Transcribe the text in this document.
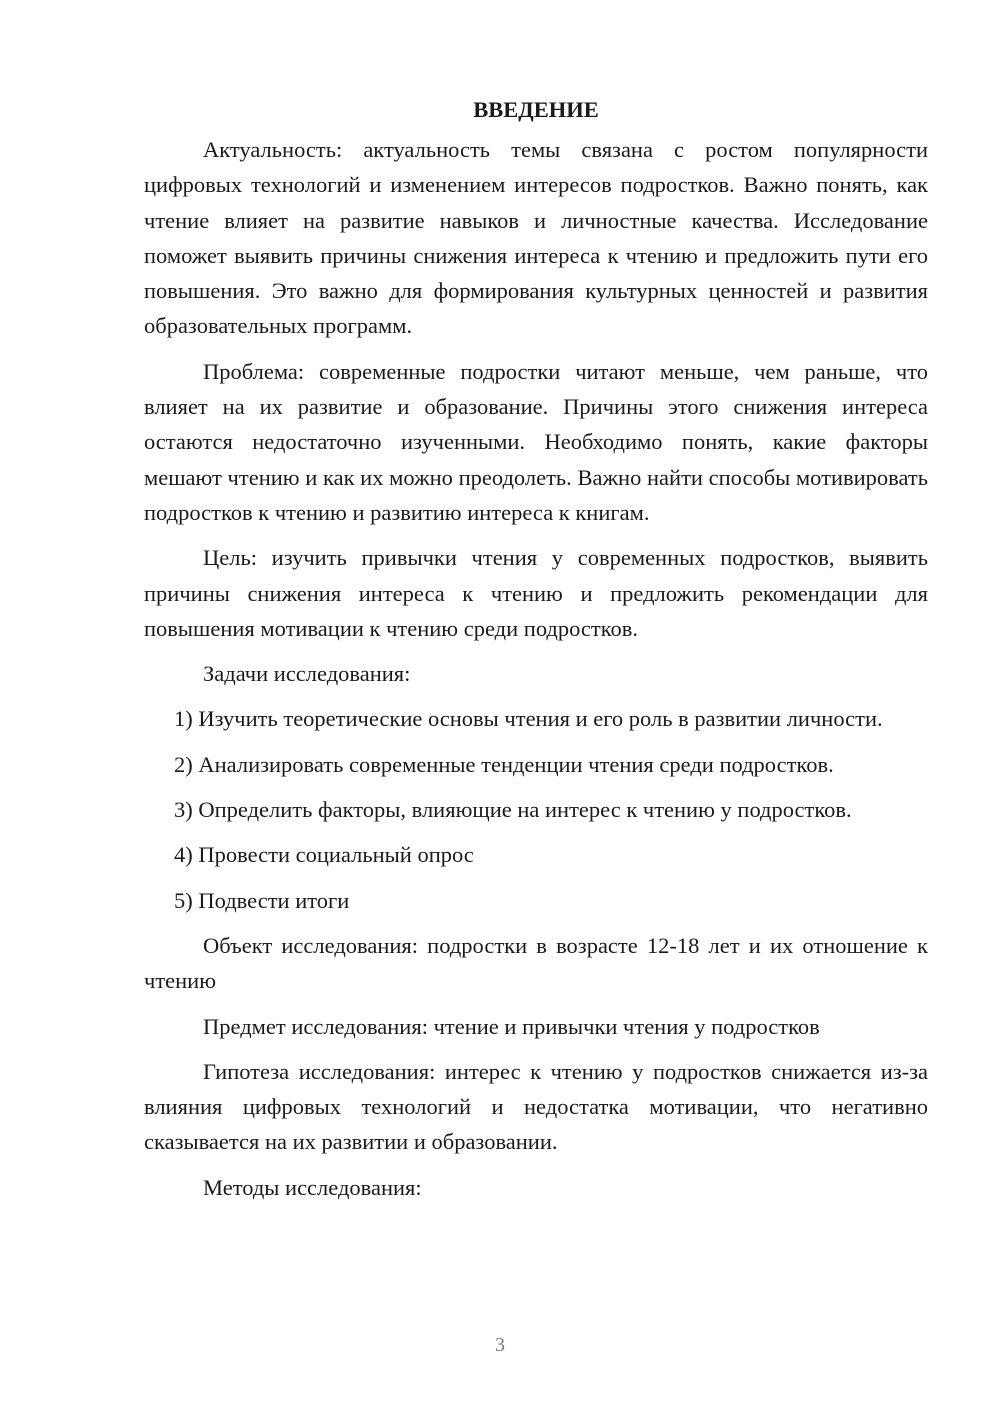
ВВЕДЕНИЕ

Актуальность: актуальность темы связана с ростом популярности цифровых технологий и изменением интересов подростков. Важно понять, как чтение влияет на развитие навыков и личностные качества. Исследование поможет выявить причины снижения интереса к чтению и предложить пути его повышения. Это важно для формирования культурных ценностей и развития образовательных программ.

Проблема: современные подростки читают меньше, чем раньше, что влияет на их развитие и образование. Причины этого снижения интереса остаются недостаточно изученными. Необходимо понять, какие факторы мешают чтению и как их можно преодолеть. Важно найти способы мотивировать подростков к чтению и развитию интереса к книгам.

Цель: изучить привычки чтения у современных подростков, выявить причины снижения интереса к чтению и предложить рекомендации для повышения мотивации к чтению среди подростков.

Задачи исследования:

1) Изучить теоретические основы чтения и его роль в развитии личности.

2) Анализировать современные тенденции чтения среди подростков.

3) Определить факторы, влияющие на интерес к чтению у подростков.

4) Провести социальный опрос

5) Подвести итоги

Объект исследования: подростки в возрасте 12-18 лет и их отношение к чтению

Предмет исследования: чтение и привычки чтения у подростков

Гипотеза исследования: интерес к чтению у подростков снижается из-за влияния цифровых технологий и недостатка мотивации, что негативно сказывается на их развитии и образовании.

Методы исследования:

3
